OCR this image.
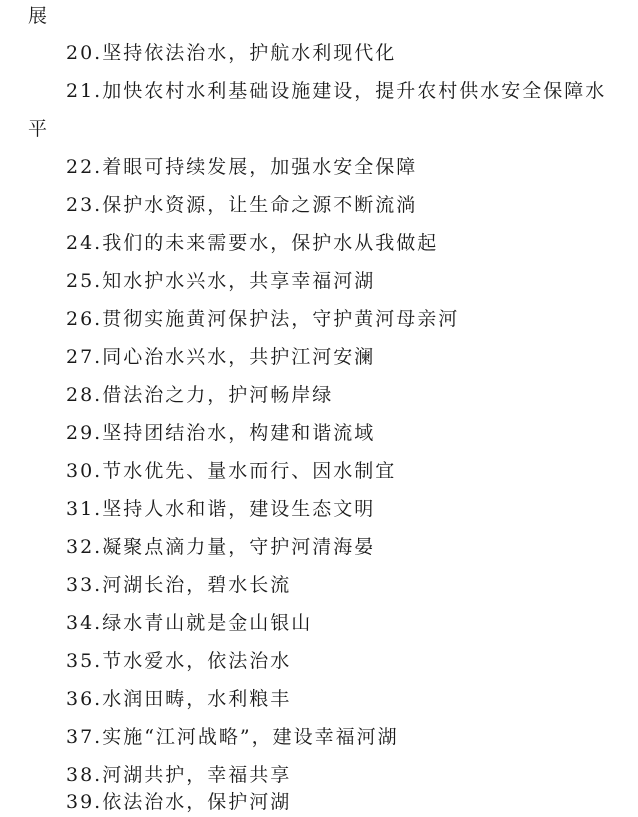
展
20.坚持依法治水，护航水利现代化
21.加快农村水利基础设施建设，提升农村供水安全保障水
平
22.着眼可持续发展，加强水安全保障
23.保护水资源，让生命之源不断流淌
24.我们的未来需要水，保护水从我做起
25.知水护水兴水，共享幸福河湖
26.贯彻实施黄河保护法，守护黄河母亲河
27.同心治水兴水，共护江河安澜
28.借法治之力，护河畅岸绿
29.坚持团结治水，构建和谐流域
30.节水优先、量水而行、因水制宜
31.坚持人水和谐，建设生态文明
32.凝聚点滴力量，守护河清海晏
33.河湖长治，碧水长流
34.绿水青山就是金山银山
35.节水爱水，依法治水
36.水润田畴，水利粮丰
37.实施“江河战略”，建设幸福河湖
38.河湖共护，幸福共享
39.依法治水，保护河湖
